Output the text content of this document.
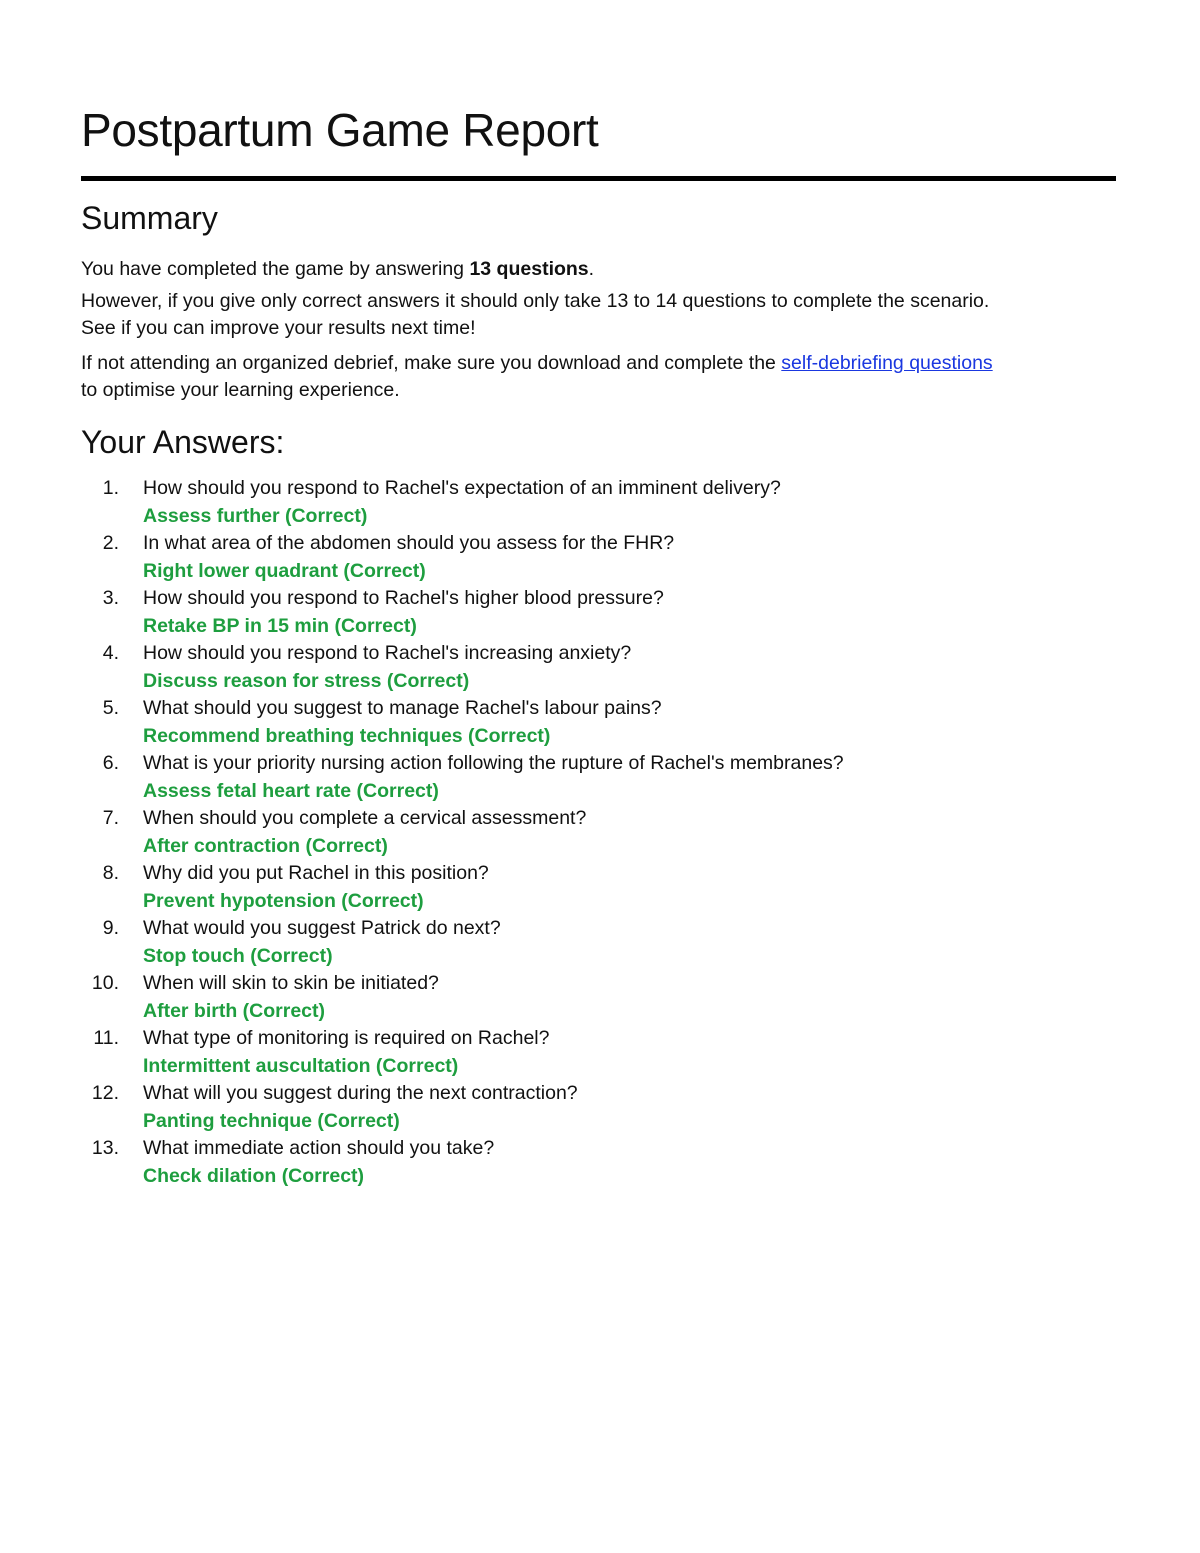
Postpartum Game Report
Summary

You have completed the game by answering 13 questions.

However, if you give only correct answers it should only take 13 to 14 questions to complete the scenario.
See if you can improve your results next time!
If not attending an organized debrief, make sure you download and complete the self-debriefing questions
to optimise your learning experience.
Your Answers:
1. How should you respond to Rachel's expectation of an imminent delivery?
Assess further (Correct)
2. In what area of the abdomen should you assess for the FHR?
Right lower quadrant (Correct)
3. How should you respond to Rachel's higher blood pressure?
Retake BP in 15 min (Correct)
4. How should you respond to Rachel's increasing anxiety?
Discuss reason for stress (Correct)
5. What should you suggest to manage Rachel's labour pains?
Recommend breathing techniques (Correct)
6. What is your priority nursing action following the rupture of Rachel's membranes?
Assess fetal heart rate (Correct)
7. When should you complete a cervical assessment?
After contraction (Correct)
8. Why did you put Rachel in this position?
Prevent hypotension (Correct)
9. What would you suggest Patrick do next?
Stop touch (Correct)
10. When will skin to skin be initiated?
After birth (Correct)
11. What type of monitoring is required on Rachel?
Intermittent auscultation (Correct)
12. What will you suggest during the next contraction?
Panting technique (Correct)
13. What immediate action should you take?
Check dilation (Correct)
